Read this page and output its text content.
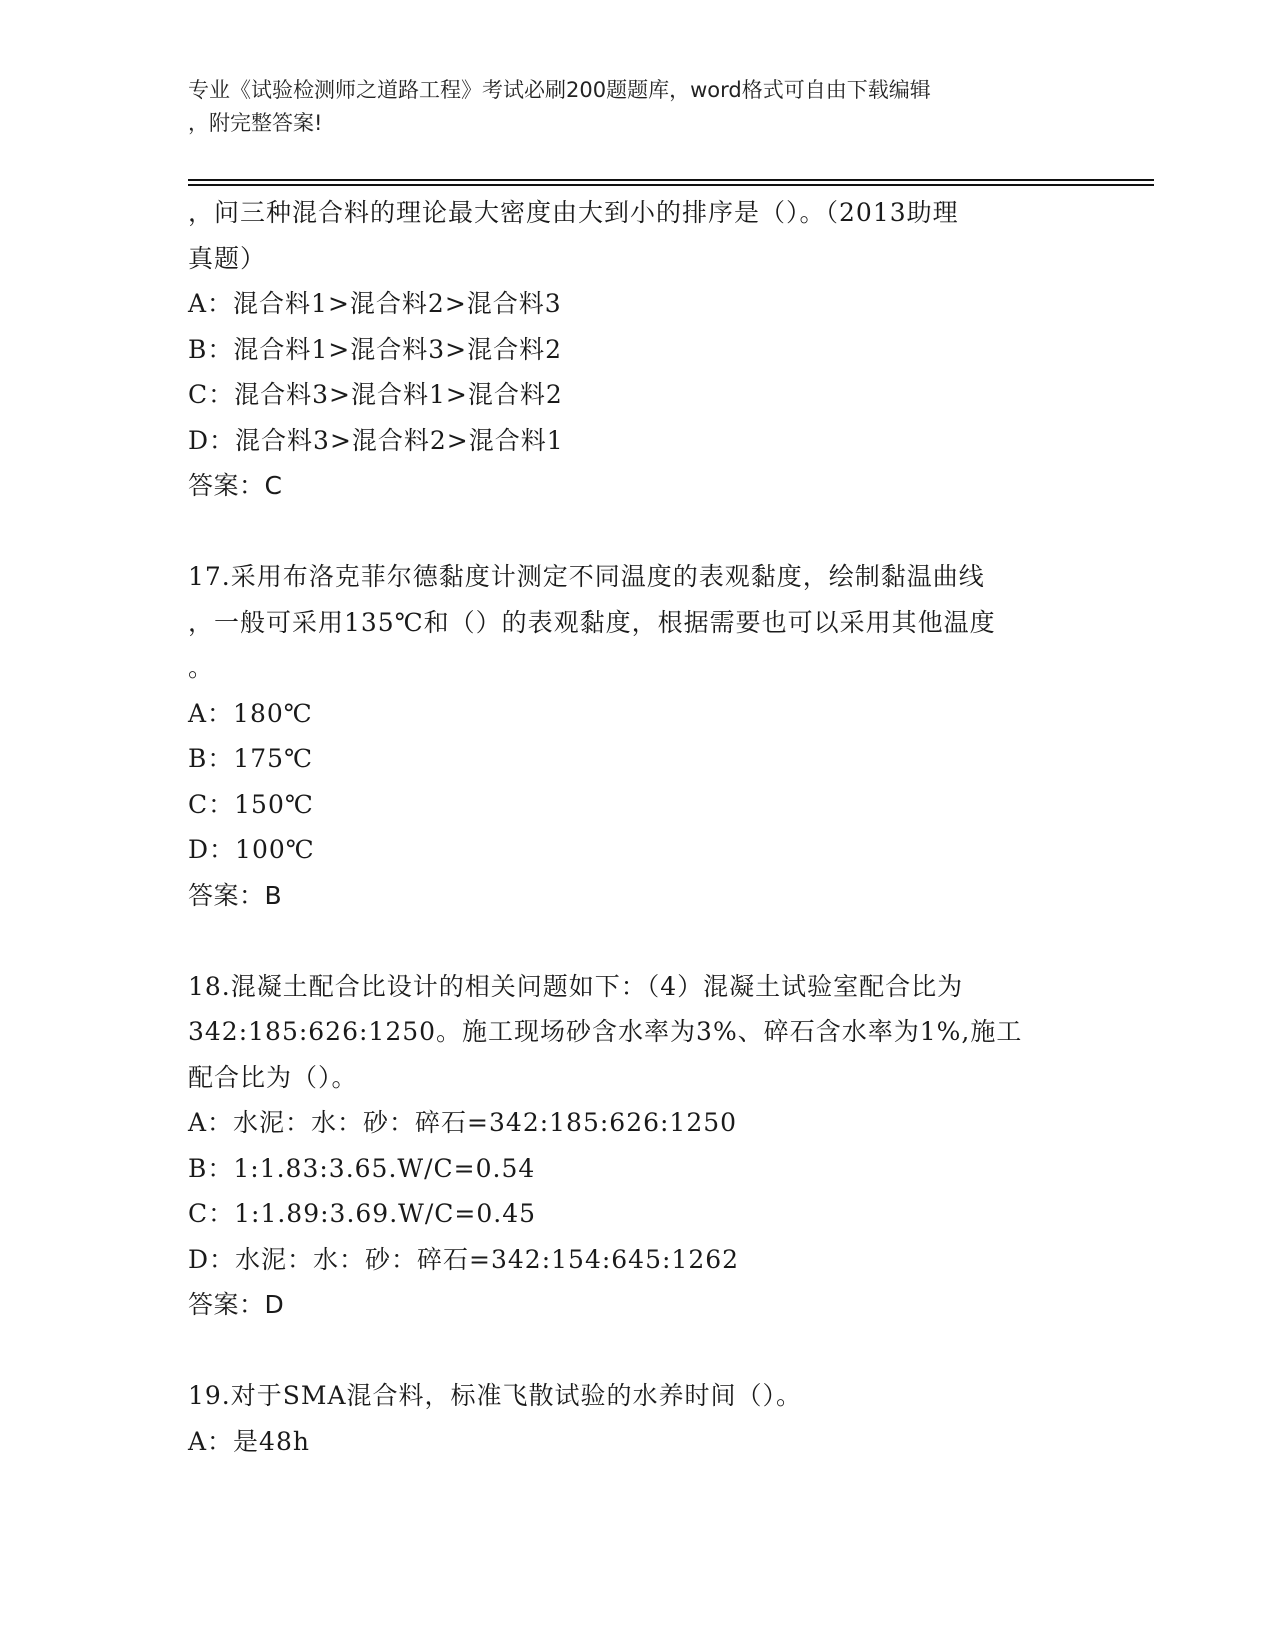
专业《试验检测师之道路工程》考试必刷200题题库，word格式可自由下载编辑
，附完整答案!
，问三种混合料的理论最大密度由大到小的排序是（）。（2013助理
真题）
A：混合料1>混合料2>混合料3
B：混合料1>混合料3>混合料2
C：混合料3>混合料1>混合料2
D：混合料3>混合料2>混合料1
答案：C
17.采用布洛克菲尔德黏度计测定不同温度的表观黏度，绘制黏温曲线
，一般可采用135℃和（）的表观黏度，根据需要也可以采用其他温度
。
A：180℃
B：175℃
C：150℃
D：100℃
答案：B
18.混凝土配合比设计的相关问题如下：（4）混凝土试验室配合比为
342:185:626:1250。施工现场砂含水率为3%、碎石含水率为1%,施工
配合比为（）。
A：水泥：水：砂：碎石=342:185:626:1250
B：1:1.83:3.65.W/C=0.54
C：1:1.89:3.69.W/C=0.45
D：水泥：水：砂：碎石=342:154:645:1262
答案：D
19.对于SMA混合料，标准飞散试验的水养时间（）。
A：是48h
